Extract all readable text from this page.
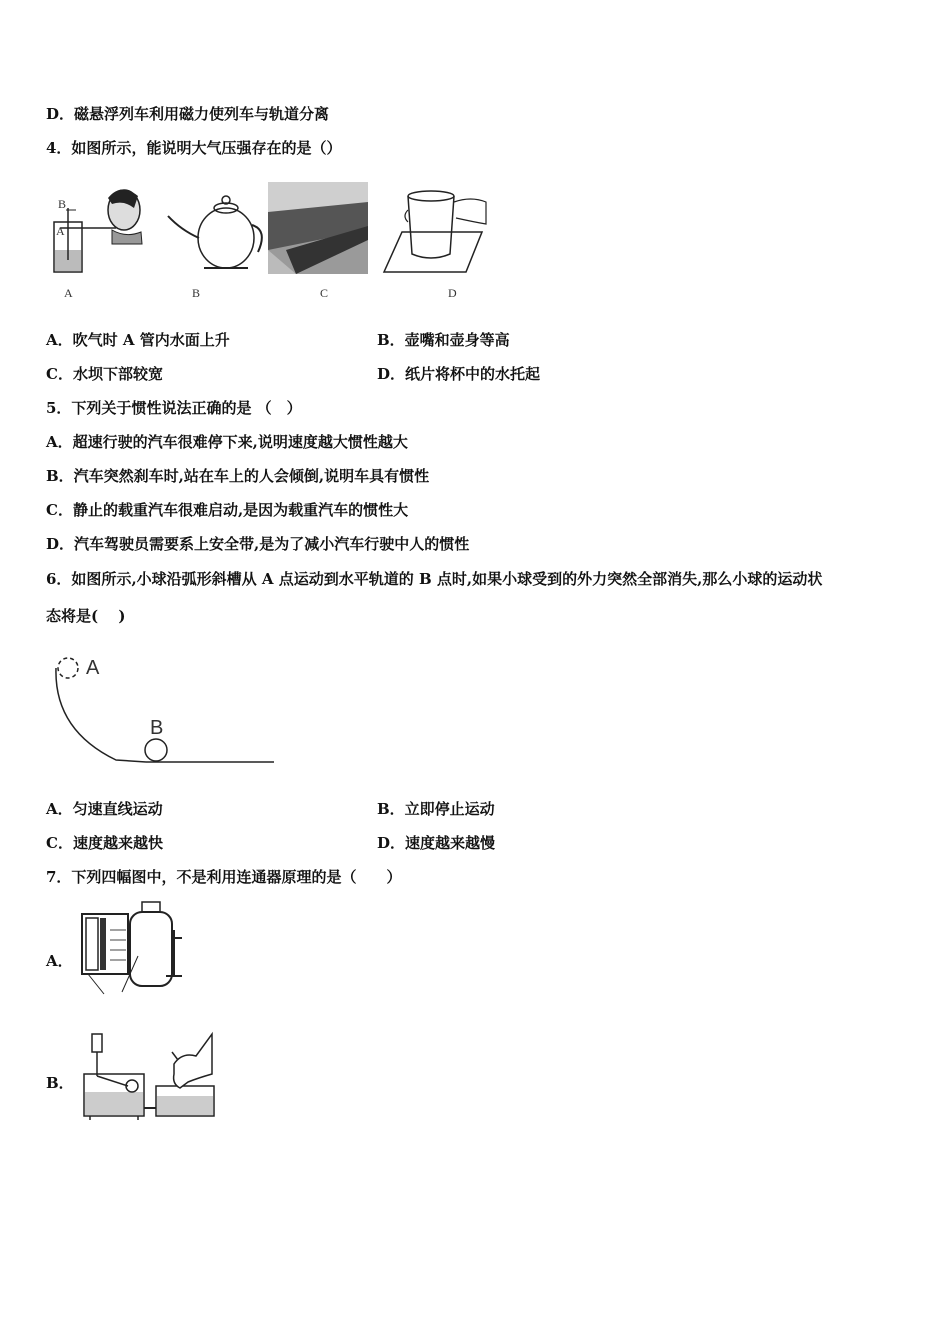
D．磁悬浮列车利用磁力使列车与轨道分离
4．如图所示，能说明大气压强存在的是（）
B
A
A	B	C	D
A．吹气时 A 管内水面上升	B．壶嘴和壶身等高
C．水坝下部较宽	D．纸片将杯中的水托起
5．下列关于惯性说法正确的是 （　）
A．超速行驶的汽车很难停下来,说明速度越大惯性越大
B．汽车突然刹车时,站在车上的人会倾倒,说明车具有惯性
C．静止的载重汽车很难启动,是因为载重汽车的惯性大
D．汽车驾驶员需要系上安全带,是为了减小汽车行驶中人的惯性
6．如图所示,小球沿弧形斜槽从 A 点运动到水平轨道的 B 点时,如果小球受到的外力突然全部消失,那么小球的运动状
态将是(　 )
A
B
A．匀速直线运动	B．立即停止运动
C．速度越来越快	D．速度越来越慢
7．下列四幅图中，不是利用连通器原理的是（　　）
A．
B．
